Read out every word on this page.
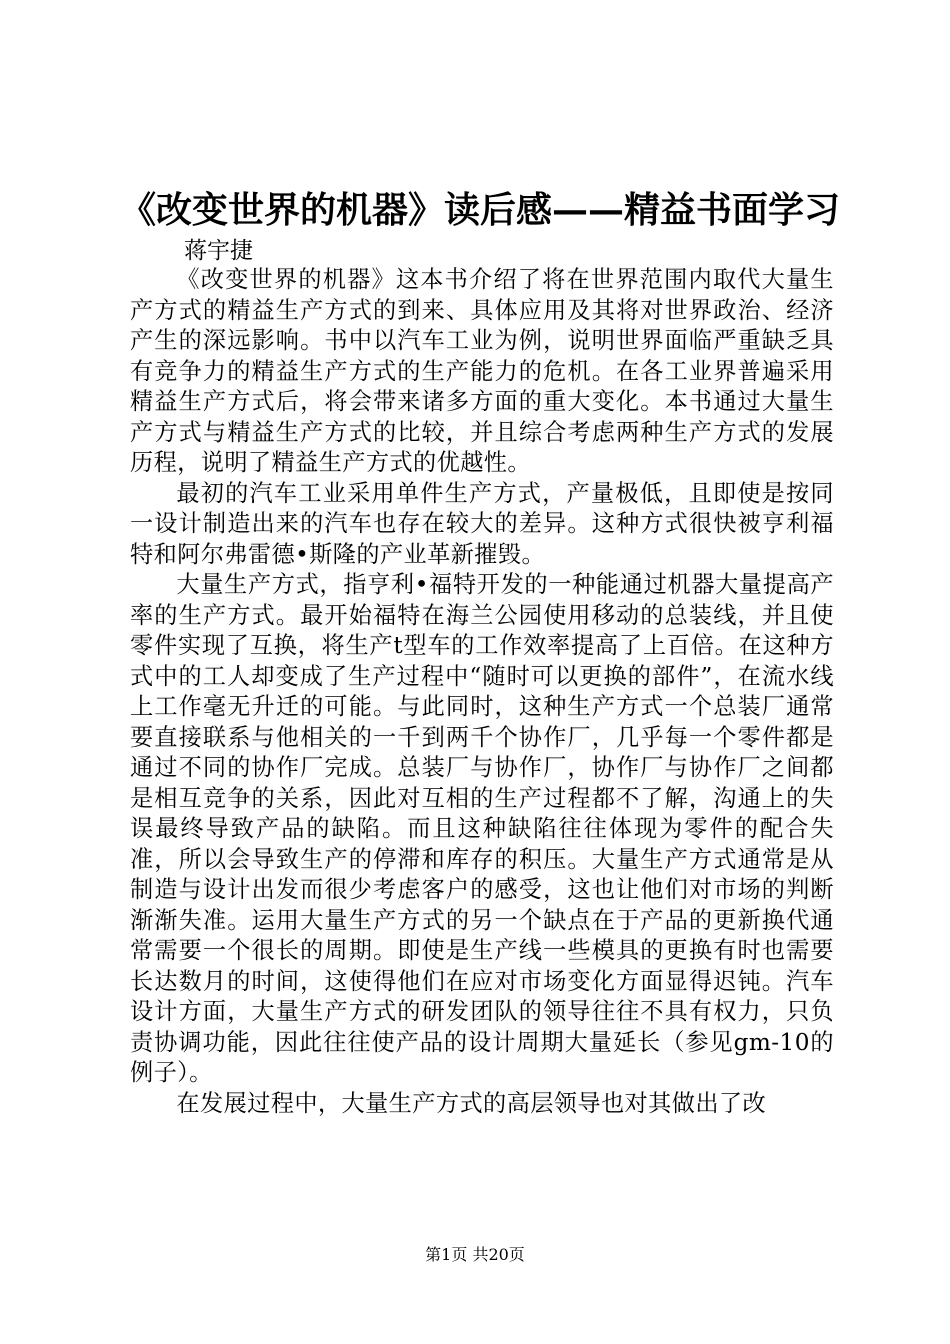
《改变世界的机器》读后感——精益书面学习
蒋宇捷

《改变世界的机器》这本书介绍了将在世界范围内取代大量生产方式的精益生产方式的到来、具体应用及其将对世界政治、经济产生的深远影响。书中以汽车工业为例，说明世界面临严重缺乏具有竞争力的精益生产方式的生产能力的危机。在各工业界普遍采用精益生产方式后，将会带来诸多方面的重大变化。本书通过大量生产方式与精益生产方式的比较，并且综合考虑两种生产方式的发展历程，说明了精益生产方式的优越性。

最初的汽车工业采用单件生产方式，产量极低，且即使是按同一设计制造出来的汽车也存在较大的差异。这种方式很快被亨利福特和阿尔弗雷德•斯隆的产业革新摧毁。

大量生产方式，指亨利•福特开发的一种能通过机器大量提高产率的生产方式。最开始福特在海兰公园使用移动的总装线，并且使零件实现了互换，将生产t型车的工作效率提高了上百倍。在这种方式中的工人却变成了生产过程中“随时可以更换的部件”，在流水线上工作毫无升迁的可能。与此同时，这种生产方式一个总装厂通常要直接联系与他相关的一千到两千个协作厂，几乎每一个零件都是通过不同的协作厂完成。总装厂与协作厂，协作厂与协作厂之间都是相互竞争的关系，因此对互相的生产过程都不了解，沟通上的失误最终导致产品的缺陷。而且这种缺陷往往体现为零件的配合失准，所以会导致生产的停滞和库存的积压。大量生产方式通常是从制造与设计出发而很少考虑客户的感受，这也让他们对市场的判断渐渐失准。运用大量生产方式的另一个缺点在于产品的更新换代通常需要一个很长的周期。即使是生产线一些模具的更换有时也需要长达数月的时间，这使得他们在应对市场变化方面显得迟钝。汽车设计方面，大量生产方式的研发团队的领导往往不具有权力，只负责协调功能，因此往往使产品的设计周期大量延长（参见gm-10的例子）。

在发展过程中，大量生产方式的高层领导也对其做出了改

第1页 共20页
